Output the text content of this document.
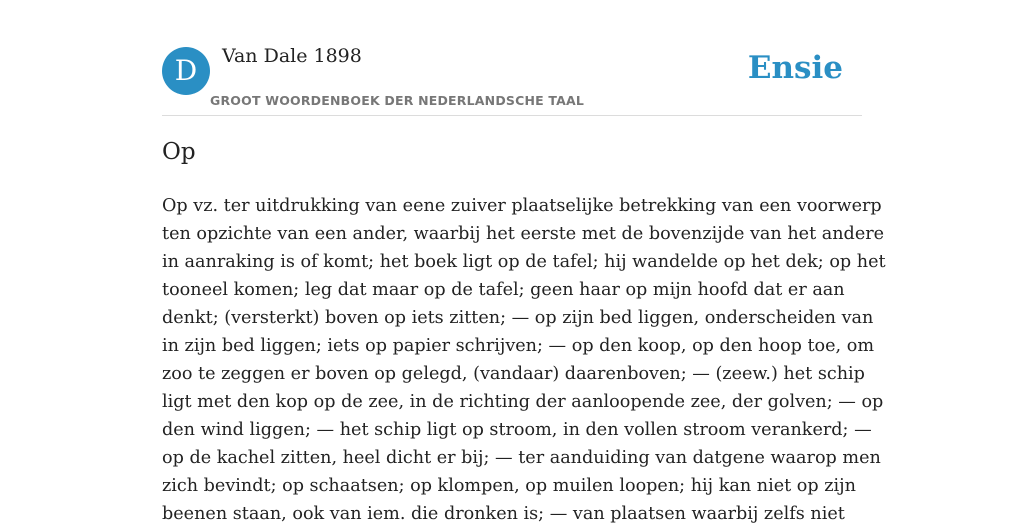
D	Van Dale 1898
GROOT WOORDENBOEK DER NEDERLANDSCHE TAAL
Ensie
Op

Op vz. ter uitdrukking van eene zuiver plaatselijke betrekking van een voorwerp
ten opzichte van een ander, waarbij het eerste met de bovenzijde van het andere
in aanraking is of komt; het boek ligt op de tafel; hij wandelde op het dek; op het
tooneel komen; leg dat maar op de tafel; geen haar op mijn hoofd dat er aan
denkt; (versterkt) boven op iets zitten; — op zijn bed liggen, onderscheiden van
in zijn bed liggen; iets op papier schrijven; — op den koop, op den hoop toe, om
zoo te zeggen er boven op gelegd, (vandaar) daarenboven; — (zeew.) het schip
ligt met den kop op de zee, in de richting der aanloopende zee, der golven; — op
den wind liggen; — het schip ligt op stroom, in den vollen stroom verankerd; —
op de kachel zitten, heel dicht er bij; — ter aanduiding van datgene waarop men
zich bevindt; op schaatsen; op klompen, op muilen loopen; hij kan niet op zijn
beenen staan, ook van iem. die dronken is; — van plaatsen waarbij zelfs niet
